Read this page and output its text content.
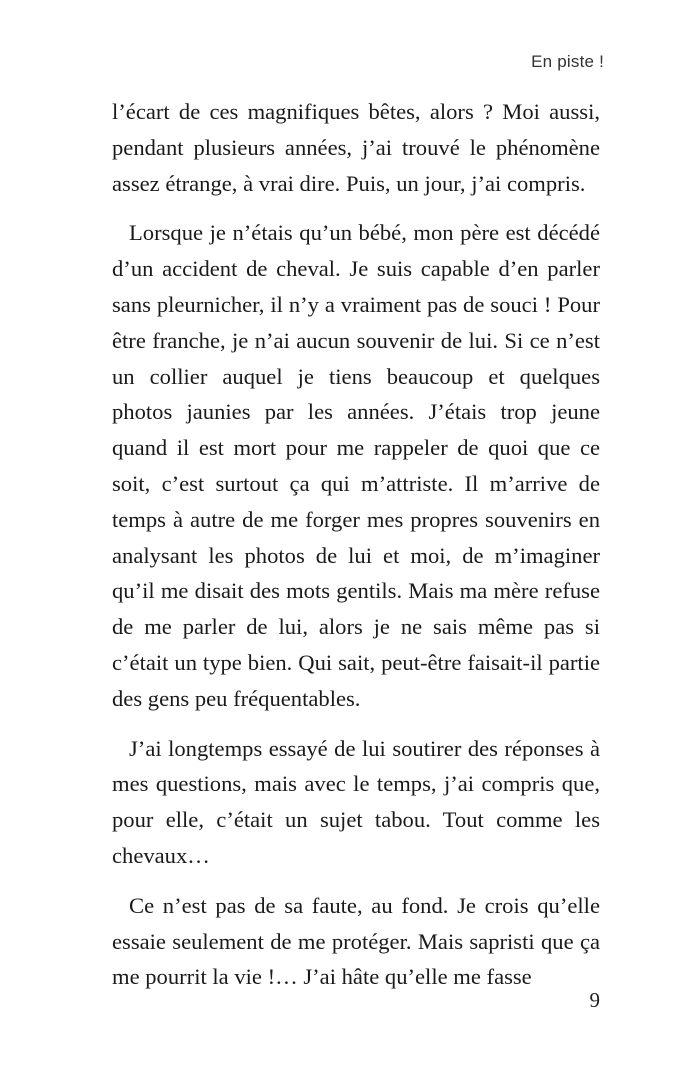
En piste !

l’écart de ces magnifiques bêtes, alors ? Moi aussi, pendant plusieurs années, j’ai trouvé le phénomène assez étrange, à vrai dire. Puis, un jour, j’ai compris.

Lorsque je n’étais qu’un bébé, mon père est décédé d’un accident de cheval. Je suis capable d’en parler sans pleurnicher, il n’y a vraiment pas de souci ! Pour être franche, je n’ai aucun souvenir de lui. Si ce n’est un collier auquel je tiens beaucoup et quelques photos jaunies par les années. J’étais trop jeune quand il est mort pour me rappeler de quoi que ce soit, c’est surtout ça qui m’attriste. Il m’arrive de temps à autre de me forger mes propres souvenirs en analysant les photos de lui et moi, de m’imaginer qu’il me disait des mots gentils. Mais ma mère refuse de me parler de lui, alors je ne sais même pas si c’était un type bien. Qui sait, peut-être faisait-il partie des gens peu fréquentables.

J’ai longtemps essayé de lui soutirer des réponses à mes questions, mais avec le temps, j’ai compris que, pour elle, c’était un sujet tabou. Tout comme les chevaux…

Ce n’est pas de sa faute, au fond. Je crois qu’elle essaie seulement de me protéger. Mais sapristi que ça me pourrit la vie !… J’ai hâte qu’elle me fasse

9
